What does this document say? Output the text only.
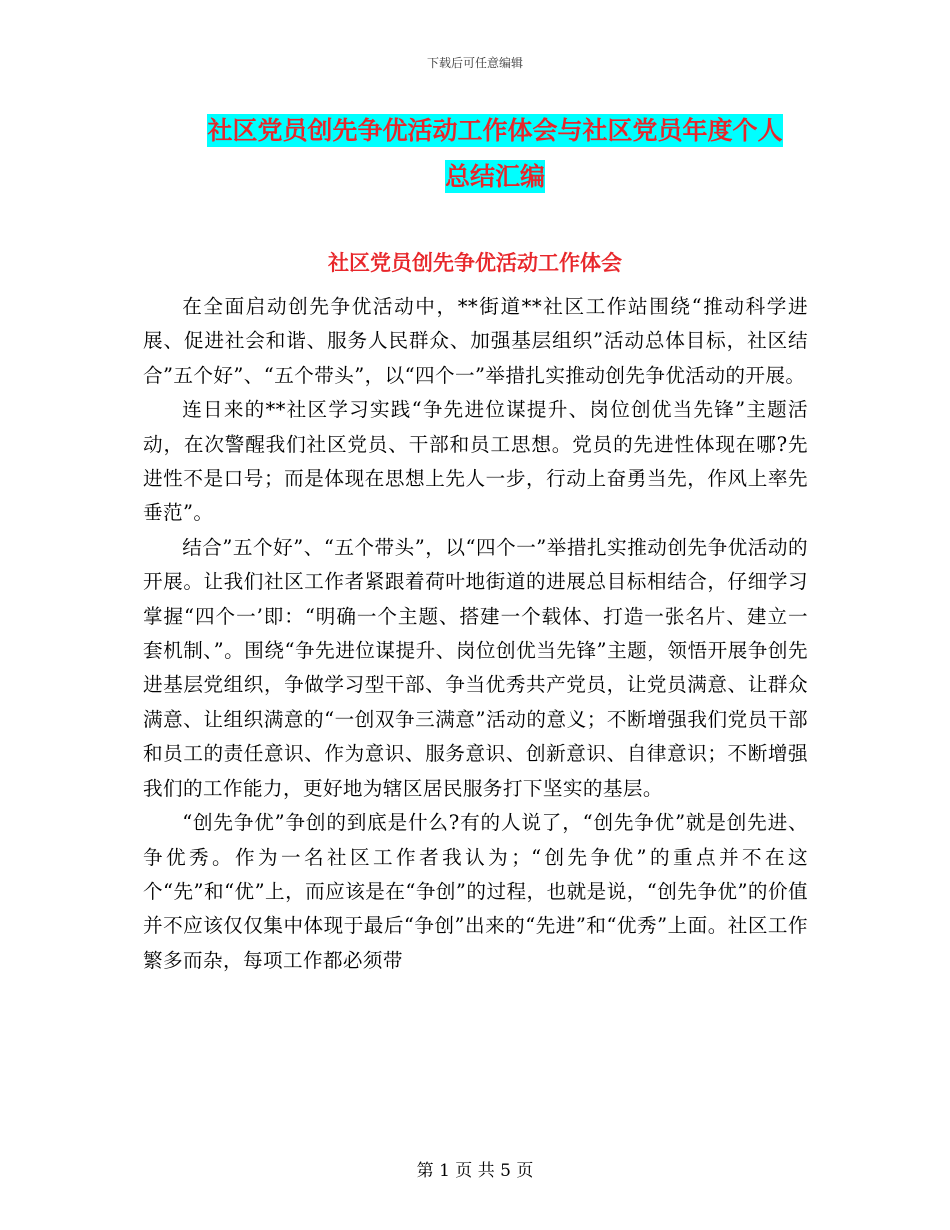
下载后可任意编辑
社区党员创先争优活动工作体会与社区党员年度个人
总结汇编
社区党员创先争优活动工作体会

在全面启动创先争优活动中，**街道**社区工作站围绕“推动科学进展、促进社会和谐、服务人民群众、加强基层组织”活动总体目标，社区结合”五个好”、“五个带头”，以“四个一”举措扎实推动创先争优活动的开展。

连日来的**社区学习实践“争先进位谋提升、岗位创优当先锋”主题活动，在次警醒我们社区党员、干部和员工思想。党员的先进性体现在哪?先进性不是口号；而是体现在思想上先人一步，行动上奋勇当先，作风上率先垂范”。

结合”五个好”、“五个带头”，以“四个一”举措扎实推动创先争优活动的开展。让我们社区工作者紧跟着荷叶地街道的进展总目标相结合，仔细学习掌握“四个一’即：“明确一个主题、搭建一个载体、打造一张名片、建立一套机制、”。围绕“争先进位谋提升、岗位创优当先锋”主题，领悟开展争创先进基层党组织，争做学习型干部、争当优秀共产党员，让党员满意、让群众满意、让组织满意的“一创双争三满意”活动的意义；不断增强我们党员干部和员工的责任意识、作为意识、服务意识、创新意识、自律意识；不断增强我们的工作能力，更好地为辖区居民服务打下坚实的基层。

“创先争优”争创的到底是什么?有的人说了，“创先争优”就是创先进、争优秀。作为一名社区工作者我认为；“创先争优”的重点并不在这个“先”和“优”上，而应该是在“争创”的过程，也就是说，“创先争优”的价值并不应该仅仅集中体现于最后“争创”出来的“先进”和“优秀”上面。社区工作繁多而杂，每项工作都必须带

第 1 页 共 5 页
